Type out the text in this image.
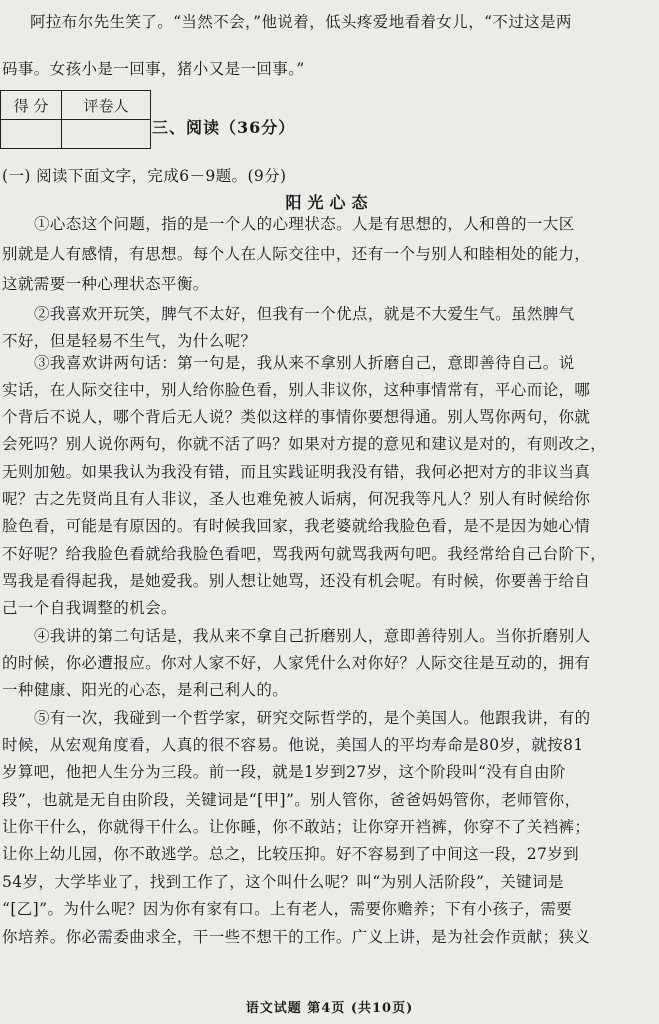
阿拉布尔先生笑了。“当然不会，”他说着，低头疼爱地看着女儿，“不过这是两
码事。女孩小是一回事，猪小又是一回事。”
得 分	评卷人

三、阅读（36分）
(一) 阅读下面文字，完成6－9题。(9分)
阳光心态
①心态这个问题，指的是一个人的心理状态。人是有思想的，人和兽的一大区
别就是人有感情，有思想。每个人在人际交往中，还有一个与别人和睦相处的能力，
这就需要一种心理状态平衡。
②我喜欢开玩笑，脾气不太好，但我有一个优点，就是不大爱生气。虽然脾气
不好，但是轻易不生气，为什么呢？
③我喜欢讲两句话：第一句是，我从来不拿别人折磨自己，意即善待自己。说
实话，在人际交往中，别人给你脸色看，别人非议你，这种事情常有，平心而论，哪
个背后不说人，哪个背后无人说？类似这样的事情你要想得通。别人骂你两句，你就
会死吗？别人说你两句，你就不活了吗？如果对方提的意见和建议是对的，有则改之，
无则加勉。如果我认为我没有错，而且实践证明我没有错，我何必把对方的非议当真
呢？古之先贤尚且有人非议，圣人也难免被人诟病，何况我等凡人？别人有时候给你
脸色看，可能是有原因的。有时候我回家，我老婆就给我脸色看，是不是因为她心情
不好呢？给我脸色看就给我脸色看吧，骂我两句就骂我两句吧。我经常给自己台阶下，
骂我是看得起我，是她爱我。别人想让她骂，还没有机会呢。有时候，你要善于给自
己一个自我调整的机会。
④我讲的第二句话是，我从来不拿自己折磨别人，意即善待别人。当你折磨别人
的时候，你必遭报应。你对人家不好，人家凭什么对你好？人际交往是互动的，拥有
一种健康、阳光的心态，是利己利人的。
⑤有一次，我碰到一个哲学家，研究交际哲学的，是个美国人。他跟我讲，有的
时候，从宏观角度看，人真的很不容易。他说，美国人的平均寿命是80岁，就按81
岁算吧，他把人生分为三段。前一段，就是1岁到27岁，这个阶段叫“没有自由阶
段”，也就是无自由阶段，关键词是“[甲]”。别人管你，爸爸妈妈管你，老师管你，
让你干什么，你就得干什么。让你睡，你不敢站；让你穿开裆裤，你穿不了关裆裤；
让你上幼儿园，你不敢逃学。总之，比较压抑。好不容易到了中间这一段，27岁到
54岁，大学毕业了，找到工作了，这个叫什么呢？叫“为别人活阶段”，关键词是
“[乙]”。为什么呢？因为你有家有口。上有老人，需要你赡养；下有小孩子，需要
你培养。你必需委曲求全，干一些不想干的工作。广义上讲，是为社会作贡献；狭义
语文试题 第4页 (共10页)
